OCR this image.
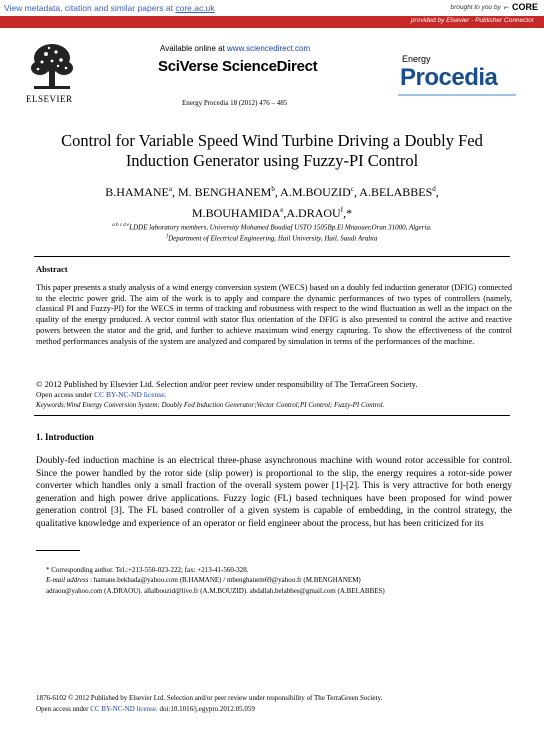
View metadata, citation and similar papers at core.ac.uk	brought to you by ⌐ CORE
provided by Elsevier - Publisher Connector
ELSEVIER
Available online at www.sciencedirect.com
SciVerse ScienceDirect
Energy Procedia 18 (2012) 476 – 485
Energy
Procedia
Control for Variable Speed Wind Turbine Driving a Doubly Fed Induction Generator using Fuzzy-PI Control
B.HAMANE$^a$, M. BENGHANEM$^b$, A.M.BOUZID$^c$, A.BELABBES$^d$,
M.BOUHAMIDA$^e$,A.DRAOU$^f$,*
$^{a b c d e}$LDDE laboratory members, University Mohamed Boudiaf USTO 1505Bp.El Mnaouer,Oran 31000, Algeria.
$^f$Department of Electrical Engineering, Hail University, Hail, Saudi Arabia
Abstract
This paper presents a study analysis of a wind energy conversion system (WECS) based on a doubly fed induction generator (DFIG) connected to the electric power grid. The aim of the work is to apply and compare the dynamic performances of two types of controllers (namely, classical PI and Fuzzy-PI) for the WECS in terms of tracking and robustness with respect to the wind fluctuation as well as the impact on the quality of the energy produced. A vector control with stator flux orientation of the DFIG is also presented to control the active and reactive powers between the stator and the grid, and further to achieve maximum wind energy capturing. To show the effectiveness of the control method performances analysis of the system are analyzed and compared by simulation in terms of the performances of the machine.
© 2012 Published by Elsevier Ltd. Selection and/or peer review under responsibility of The TerraGreen Society.
Open access under CC BY-NC-ND license.
Keywords:Wind Energy Conversion System; Doubly Fed Induction Generator;Vector Control;PI Control; Fuzzy-PI Control.
1. Introduction
Doubly-fed induction machine is an electrical three-phase asynchronous machine with wound rotor accessible for control. Since the power handled by the rotor side (slip power) is proportional to the slip, the energy requires a rotor-side power converter which handles only a small fraction of the overall system power [1]-[2]. This is very attractive for both energy generation and high power drive applications. Fuzzy logic (FL) based techniques have been proposed for wind power generation control [3]. The FL based controller of a given system is capable of embedding, in the control strategy, the qualitative knowledge and experience of an operator or field engineer about the process, but has been criticized for its
* Corresponding author. Tel.:+213-550-023-222; fax: +213-41-560-328.
E-mail address : hamane.bekhada@yahoo.com (B.HAMANE) / mbenghanem69@yahoo.fr (M.BENGHANEM)
adraou@yahoo.com (A.DRAOU). allalbouzid@live.fr (A.M.BOUZID). abdallah.belabbes@gmail.com (A.BELABBES)
1876-6102 © 2012 Published by Elsevier Ltd. Selection and/or peer review under responsibility of The TerraGreen Society.
Open access under CC BY-NC-ND license. doi:10.1016/j.egypro.2012.05.059
